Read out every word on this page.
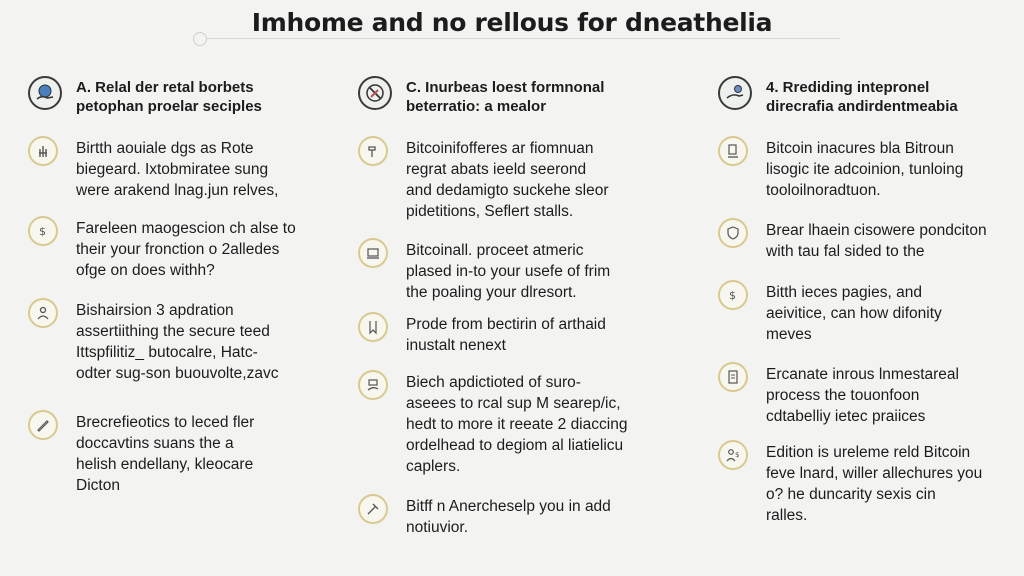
Imhome and no rellous for dneathelia
A. Relal der retal borbets
petophan proelar seciples
Birtth aouiale dgs as Rote
biegeard. Ixtobmiratee sung
were arakend lnag.jun relves,
$ Fareleen maogescion ch alse to
their your fronction o 2alledes
ofge on does withh?
Bishairsion 3 apdration
assertiithing the secure teed
Ittspfilitiz_ butocalre, Hatc-
odter sug-son buouvolte,zavc
Brecrefieotics to leced fler
doccavtins suans the a
helish endellany, kleocare
Dicton
C. Inurbeas loest formnonal
beterratio: a mealor
Bitcoinifofferes ar fiomnuan
regrat abats ieeld seerond
and dedamigto suckehe sleor
pidetitions, Seflert stalls.
Bitcoinall. proceet atmeric
plased in-to your usefe of frim
the poaling your dlresort.
Prode from bectirin of arthaid
inustalt nenext
Biech apdictioted of suro-
aseees to rcal sup M searep/ic,
hedt to more it reeate 2 diaccing
ordelhead to degiom al liatielicu
caplers.
Bitff n Anercheselp you in add
notiuvior.
4. Rrediding intepronel
direcrafia andirdentmeabia
Bitcoin inacures bla Bitroun
lisogic ite adcoinion, tunloing
tooloilnoradtuon.
Brear lhaein cisowere pondciton
with tau fal sided to the
$ Bitth ieces pagies, and
aeivitice, can how difonity
meves
Ercanate inrous lnmestareal
process the touonfoon
cdtabelliy ietec praiices
$ Edition is ureleme reld Bitcoin
feve lnard, willer allechures you
o? he duncarity sexis cin
ralles.
